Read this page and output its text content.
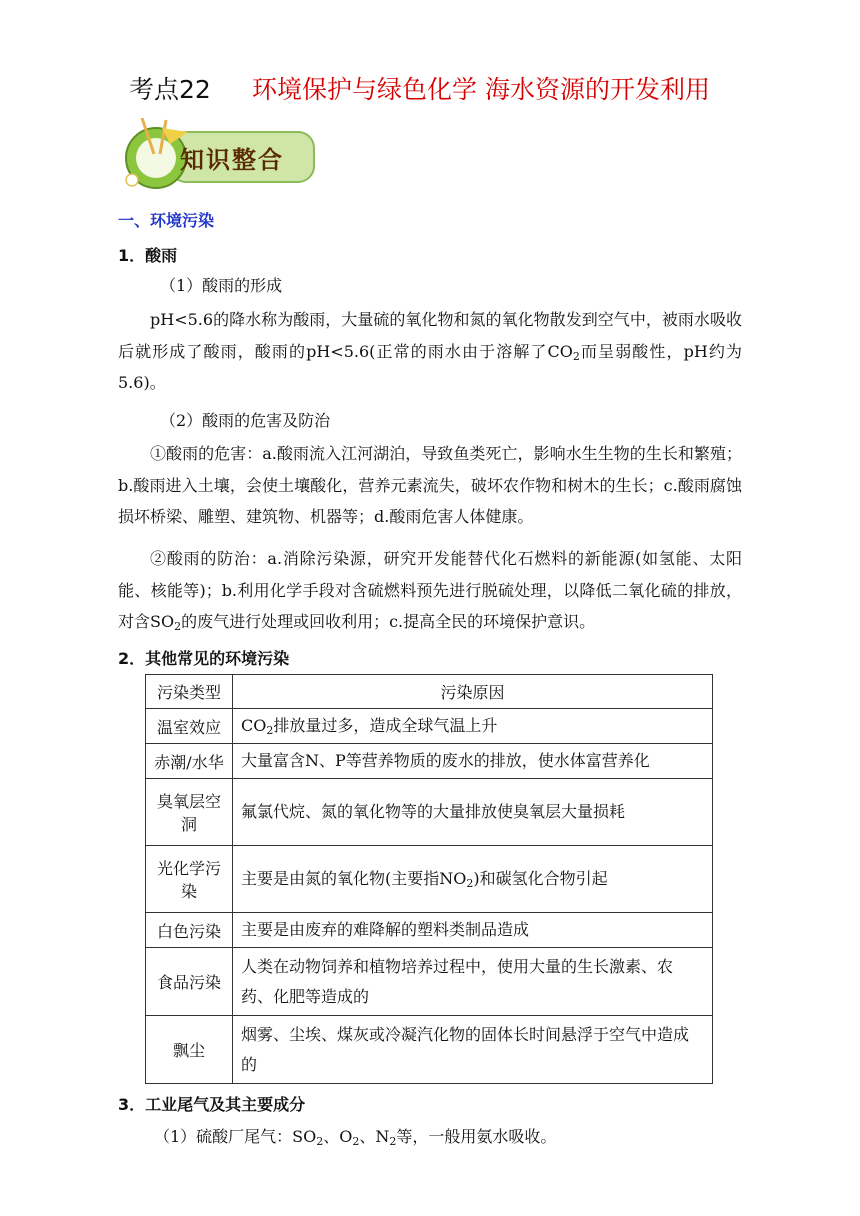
考点22 环境保护与绿色化学 海水资源的开发利用
知识整合
一、环境污染
1．酸雨
（1）酸雨的形成
pH<5.6的降水称为酸雨，大量硫的氧化物和氮的氧化物散发到空气中，被雨水吸收后就形成了酸雨，酸雨的pH<5.6(正常的雨水由于溶解了$CO_2$而呈弱酸性，pH约为5.6)。
（2）酸雨的危害及防治
①酸雨的危害：a.酸雨流入江河湖泊，导致鱼类死亡，影响水生生物的生长和繁殖；b.酸雨进入土壤，会使土壤酸化，营养元素流失，破坏农作物和树木的生长；c.酸雨腐蚀损坏桥梁、雕塑、建筑物、机器等；d.酸雨危害人体健康。
②酸雨的防治：a.消除污染源，研究开发能替代化石燃料的新能源(如氢能、太阳能、核能等)；b.利用化学手段对含硫燃料预先进行脱硫处理，以降低二氧化硫的排放，对含$SO_2$的废气进行处理或回收利用；c.提高全民的环境保护意识。
2．其他常见的环境污染
污染类型	污染原因
温室效应	$CO_2$排放量过多，造成全球气温上升
赤潮/水华	大量富含N、P等营养物质的废水的排放，使水体富营养化
臭氧层空洞	氟氯代烷、氮的氧化物等的大量排放使臭氧层大量损耗
光化学污染	主要是由氮的氧化物(主要指$NO_2$)和碳氢化合物引起
白色污染	主要是由废弃的难降解的塑料类制品造成
食品污染	人类在动物饲养和植物培养过程中，使用大量的生长激素、农药、化肥等造成的
飘尘	烟雾、尘埃、煤灰或冷凝汽化物的固体长时间悬浮于空气中造成的
3．工业尾气及其主要成分
（1）硫酸厂尾气：$SO_2$、$O_2$、$N_2$等，一般用氨水吸收。
